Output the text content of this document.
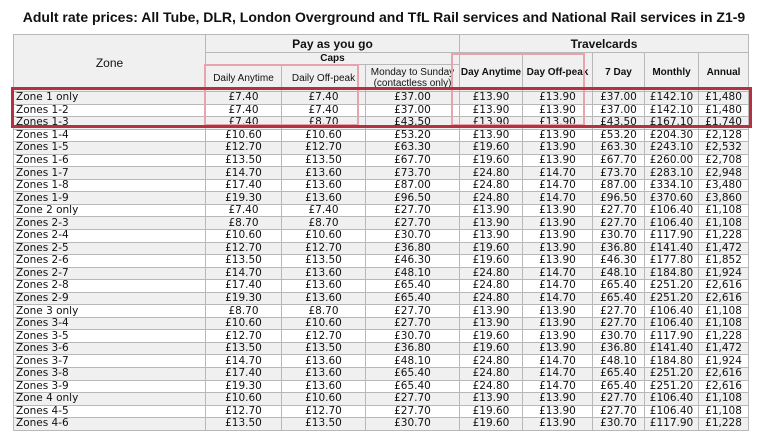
Adult rate prices: All Tube, DLR, London Overground and TfL Rail services and National Rail services in Z1-9
Zone	Pay as you go			Travelcards				
	Caps			Day Anytime	Day Off-peak	7 Day	Monthly	Annual
	Daily Anytime	Daily Off-peak	Monday to Sunday
(contactless only)					
Zone 1 only	£7.40	£7.40	£37.00	£13.90	£13.90	£37.00	£142.10	£1,480
Zones 1-2	£7.40	£7.40	£37.00	£13.90	£13.90	£37.00	£142.10	£1,480
Zones 1-3	£7.40	£8.70	£43.50	£13.90	£13.90	£43.50	£167.10	£1,740
Zones 1-4	£10.60	£10.60	£53.20	£13.90	£13.90	£53.20	£204.30	£2,128
Zones 1-5	£12.70	£12.70	£63.30	£19.60	£13.90	£63.30	£243.10	£2,532
Zones 1-6	£13.50	£13.50	£67.70	£19.60	£13.90	£67.70	£260.00	£2,708
Zones 1-7	£14.70	£13.60	£73.70	£24.80	£14.70	£73.70	£283.10	£2,948
Zones 1-8	£17.40	£13.60	£87.00	£24.80	£14.70	£87.00	£334.10	£3,480
Zones 1-9	£19.30	£13.60	£96.50	£24.80	£14.70	£96.50	£370.60	£3,860
Zone 2 only	£7.40	£7.40	£27.70	£13.90	£13.90	£27.70	£106.40	£1,108
Zones 2-3	£8.70	£8.70	£27.70	£13.90	£13.90	£27.70	£106.40	£1,108
Zones 2-4	£10.60	£10.60	£30.70	£13.90	£13.90	£30.70	£117.90	£1,228
Zones 2-5	£12.70	£12.70	£36.80	£19.60	£13.90	£36.80	£141.40	£1,472
Zones 2-6	£13.50	£13.50	£46.30	£19.60	£13.90	£46.30	£177.80	£1,852
Zones 2-7	£14.70	£13.60	£48.10	£24.80	£14.70	£48.10	£184.80	£1,924
Zones 2-8	£17.40	£13.60	£65.40	£24.80	£14.70	£65.40	£251.20	£2,616
Zones 2-9	£19.30	£13.60	£65.40	£24.80	£14.70	£65.40	£251.20	£2,616
Zone 3 only	£8.70	£8.70	£27.70	£13.90	£13.90	£27.70	£106.40	£1,108
Zones 3-4	£10.60	£10.60	£27.70	£13.90	£13.90	£27.70	£106.40	£1,108
Zones 3-5	£12.70	£12.70	£30.70	£19.60	£13.90	£30.70	£117.90	£1,228
Zones 3-6	£13.50	£13.50	£36.80	£19.60	£13.90	£36.80	£141.40	£1,472
Zones 3-7	£14.70	£13.60	£48.10	£24.80	£14.70	£48.10	£184.80	£1,924
Zones 3-8	£17.40	£13.60	£65.40	£24.80	£14.70	£65.40	£251.20	£2,616
Zones 3-9	£19.30	£13.60	£65.40	£24.80	£14.70	£65.40	£251.20	£2,616
Zone 4 only	£10.60	£10.60	£27.70	£13.90	£13.90	£27.70	£106.40	£1,108
Zones 4-5	£12.70	£12.70	£27.70	£19.60	£13.90	£27.70	£106.40	£1,108
Zones 4-6	£13.50	£13.50	£30.70	£19.60	£13.90	£30.70	£117.90	£1,228
